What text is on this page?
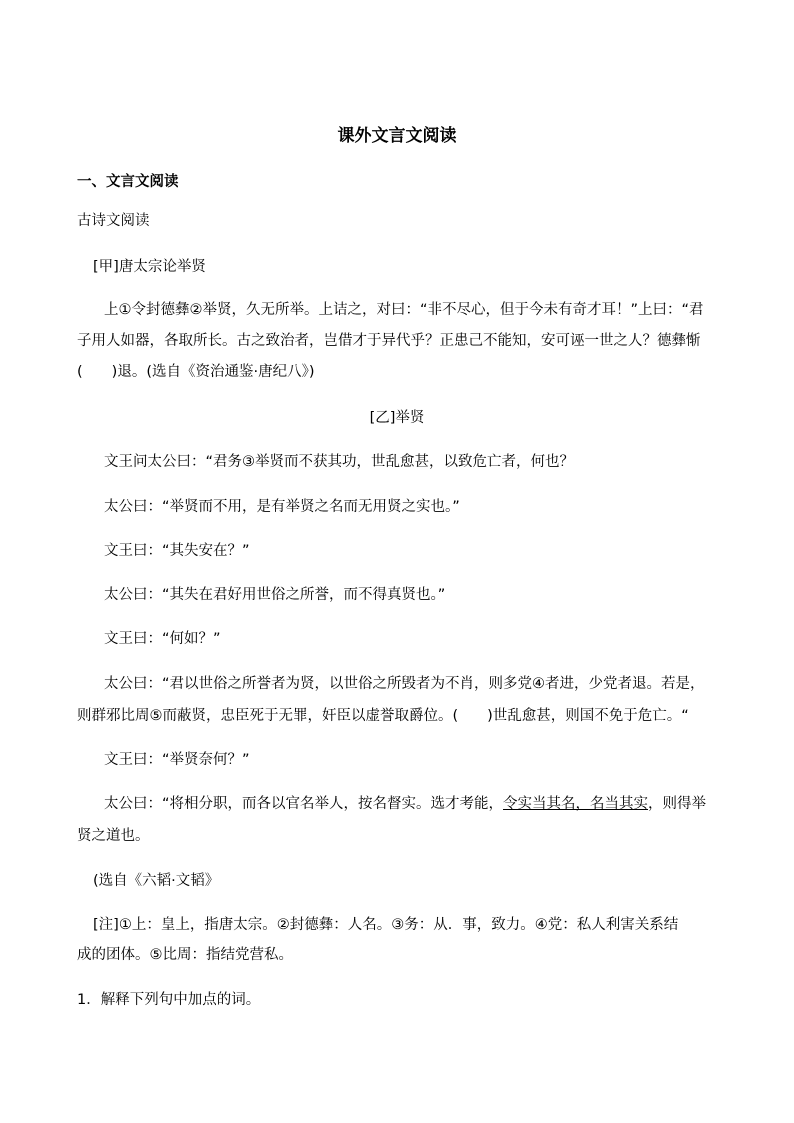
课外文言文阅读
一、文言文阅读
古诗文阅读
[甲]唐太宗论举贤
上①令封德彝②举贤，久无所举。上诘之，对曰：“非不尽心，但于今未有奇才耳！”上曰：“君
子用人如器，各取所长。古之致治者，岂借才于异代乎？正患己不能知，安可诬一世之人？德彝惭
(　　)退。(选自《资治通鉴·唐纪八》)
[乙]举贤
文王问太公曰：“君务③举贤而不获其功，世乱愈甚，以致危亡者，何也？
太公曰：“举贤而不用，是有举贤之名而无用贤之实也。”
文王曰：“其失安在？”
太公曰：“其失在君好用世俗之所誉，而不得真贤也。”
文王曰：“何如？”
太公曰：“君以世俗之所誉者为贤，以世俗之所毁者为不肖，则多党④者进，少党者退。若是，
则群邪比周⑤而蔽贤，忠臣死于无罪，奸臣以虚誉取爵位。(　　)世乱愈甚，则国不免于危亡。“
文王曰：“举贤奈何？”
太公曰：“将相分职，而各以官名举人，按名督实。选才考能，令实当其名，名当其实，则得举
贤之道也。
(选自《六韬·文韬》
[注]①上：皇上，指唐太宗。②封德彝：人名。③务：从．事，致力。④党：私人利害关系结
成的团体。⑤比周：指结党营私。
1．解释下列句中加点的词。
